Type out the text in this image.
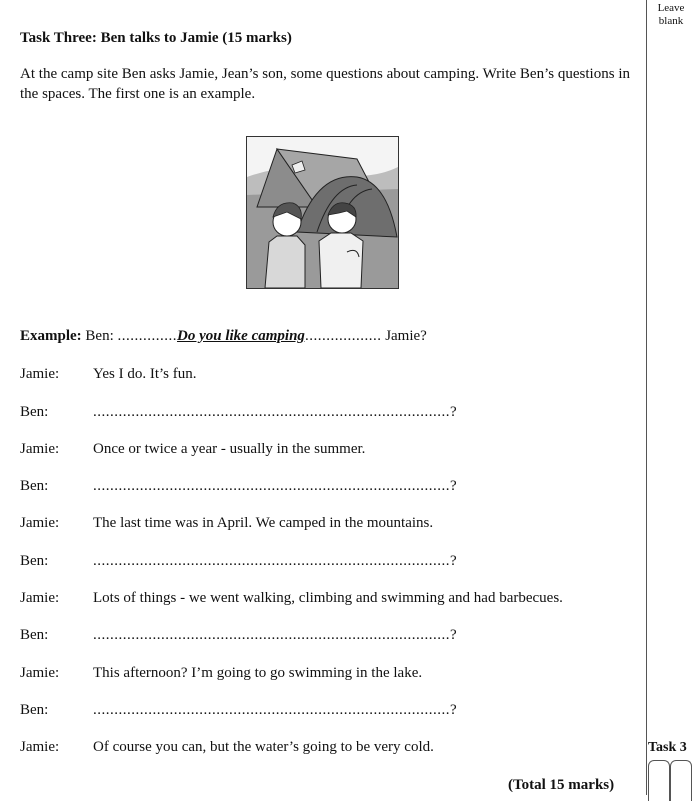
Leave
blank
Task 3
Task Three: Ben talks to Jamie (15 marks)
At the camp site Ben asks Jamie, Jean’s son, some questions about camping. Write Ben’s questions in the spaces. The first one is an example.
Example: Ben: ..............Do you like camping.................. Jamie?
Jamie: Yes I do. It’s fun.
Ben:	....................................................................................?
Jamie: Once or twice a year - usually in the summer.
Ben:	....................................................................................?
Jamie: The last time was in April. We camped in the mountains.
Ben:	....................................................................................?
Jamie: Lots of things - we went walking, climbing and swimming and had barbecues.
Ben:	....................................................................................?
Jamie: This afternoon? I’m going to go swimming in the lake.
Ben:	....................................................................................?
Jamie: Of course you can, but the water’s going to be very cold.
(Total 15 marks)
